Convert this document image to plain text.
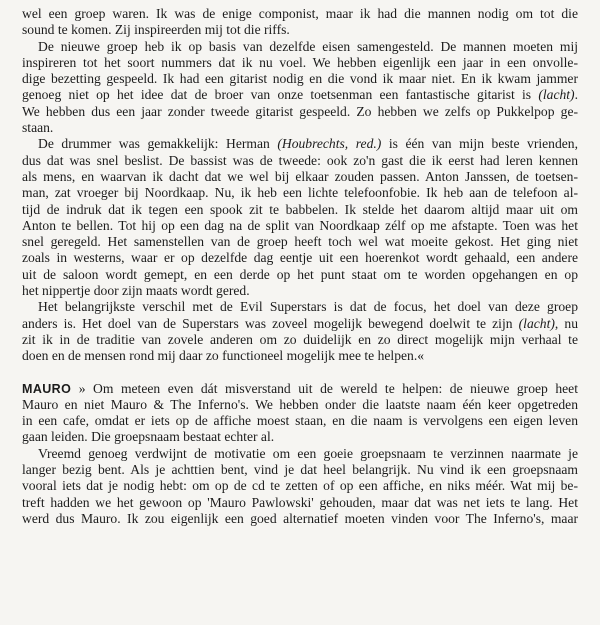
wel een groep waren. Ik was de enige componist, maar ik had die mannen nodig om tot die
sound te komen. Zij inspireerden mij tot die riffs.
De nieuwe groep heb ik op basis van dezelfde eisen samengesteld. De mannen moeten mij
inspireren tot het soort nummers dat ik nu voel. We hebben eigenlijk een jaar in een onvollе-
dige bezetting gespeeld. Ik had een gitarist nodig en die vond ik maar niet. En ik kwam jammer
genoeg niet op het idee dat de broer van onze toetsenman een fantastische gitarist is (lacht).
We hebben dus een jaar zonder tweede gitarist gespeeld. Zo hebben we zelfs op Pukkelpop ge-
staan.
De drummer was gemakkelijk: Herman (Houbrechts, red.) is één van mijn beste vrienden,
dus dat was snel beslist. De bassist was de tweede: ook zo'n gast die ik eerst had leren kennen
als mens, en waarvan ik dacht dat we wel bij elkaar zouden passen. Anton Janssen, de toetsen-
man, zat vroeger bij Noordkaap. Nu, ik heb een lichte telefoonfobie. Ik heb aan de telefoon al-
tijd de indruk dat ik tegen een spook zit te babbelen. Ik stelde het daarom altijd maar uit om
Anton te bellen. Tot hij op een dag na de split van Noordkaap zélf op me afstapte. Toen was het
snel geregeld. Het samenstellen van de groep heeft toch wel wat moeite gekost. Het ging niet
zoals in westerns, waar er op dezelfde dag eentje uit een hoerenkot wordt gehaald, een andere
uit de saloon wordt gemept, en een derde op het punt staat om te worden opgehangen en op
het nippertje door zijn maats wordt gered.
Het belangrijkste verschil met de Evil Superstars is dat de focus, het doel van deze groep
anders is. Het doel van de Superstars was zoveel mogelijk bewegend doelwit te zijn (lacht), nu
zit ik in de traditie van zovele anderen om zo duidelijk en zo direct mogelijk mijn verhaal te
doen en de mensen rond mij daar zo functioneel mogelijk mee te helpen.«
MAURO » Om meteen even dát misverstand uit de wereld te helpen: de nieuwe groep heet
Mauro en niet Mauro & The Inferno's. We hebben onder die laatste naam één keer opgetreden
in een cafe, omdat er iets op de affiche moest staan, en die naam is vervolgens een eigen leven
gaan leiden. Die groepsnaam bestaat echter al.
Vreemd genoeg verdwijnt de motivatie om een goeie groepsnaam te verzinnen naarmate je
langer bezig bent. Als je achttien bent, vind je dat heel belangrijk. Nu vind ik een groepsnaam
vooral iets dat je nodig hebt: om op de cd te zetten of op een affiche, en niks méér. Wat mij be-
treft hadden we het gewoon op 'Mauro Pawlowski' gehouden, maar dat was net iets te lang. Het
werd dus Mauro. Ik zou eigenlijk een goed alternatief moeten vinden voor The Inferno's, maar
